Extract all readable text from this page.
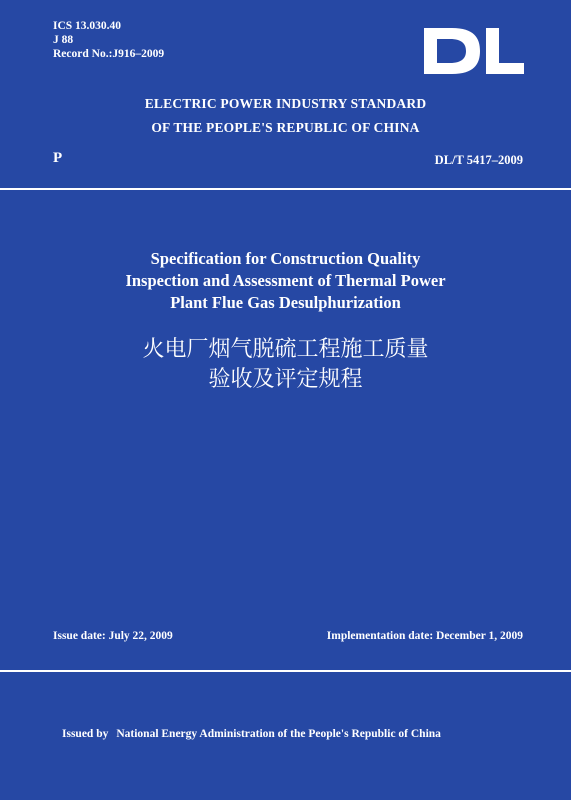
ICS 13.030.40
J 88
Record No.:J916–2009
ELECTRIC POWER INDUSTRY STANDARD
OF THE PEOPLE'S REPUBLIC OF CHINA
P	DL/T 5417–2009
Specification for Construction Quality
Inspection and Assessment of Thermal Power
Plant Flue Gas Desulphurization
火电厂烟气脱硫工程施工质量
验收及评定规程
Issue date: July 22, 2009	Implementation date: December 1, 2009
Issued by National Energy Administration of the People's Republic of China
